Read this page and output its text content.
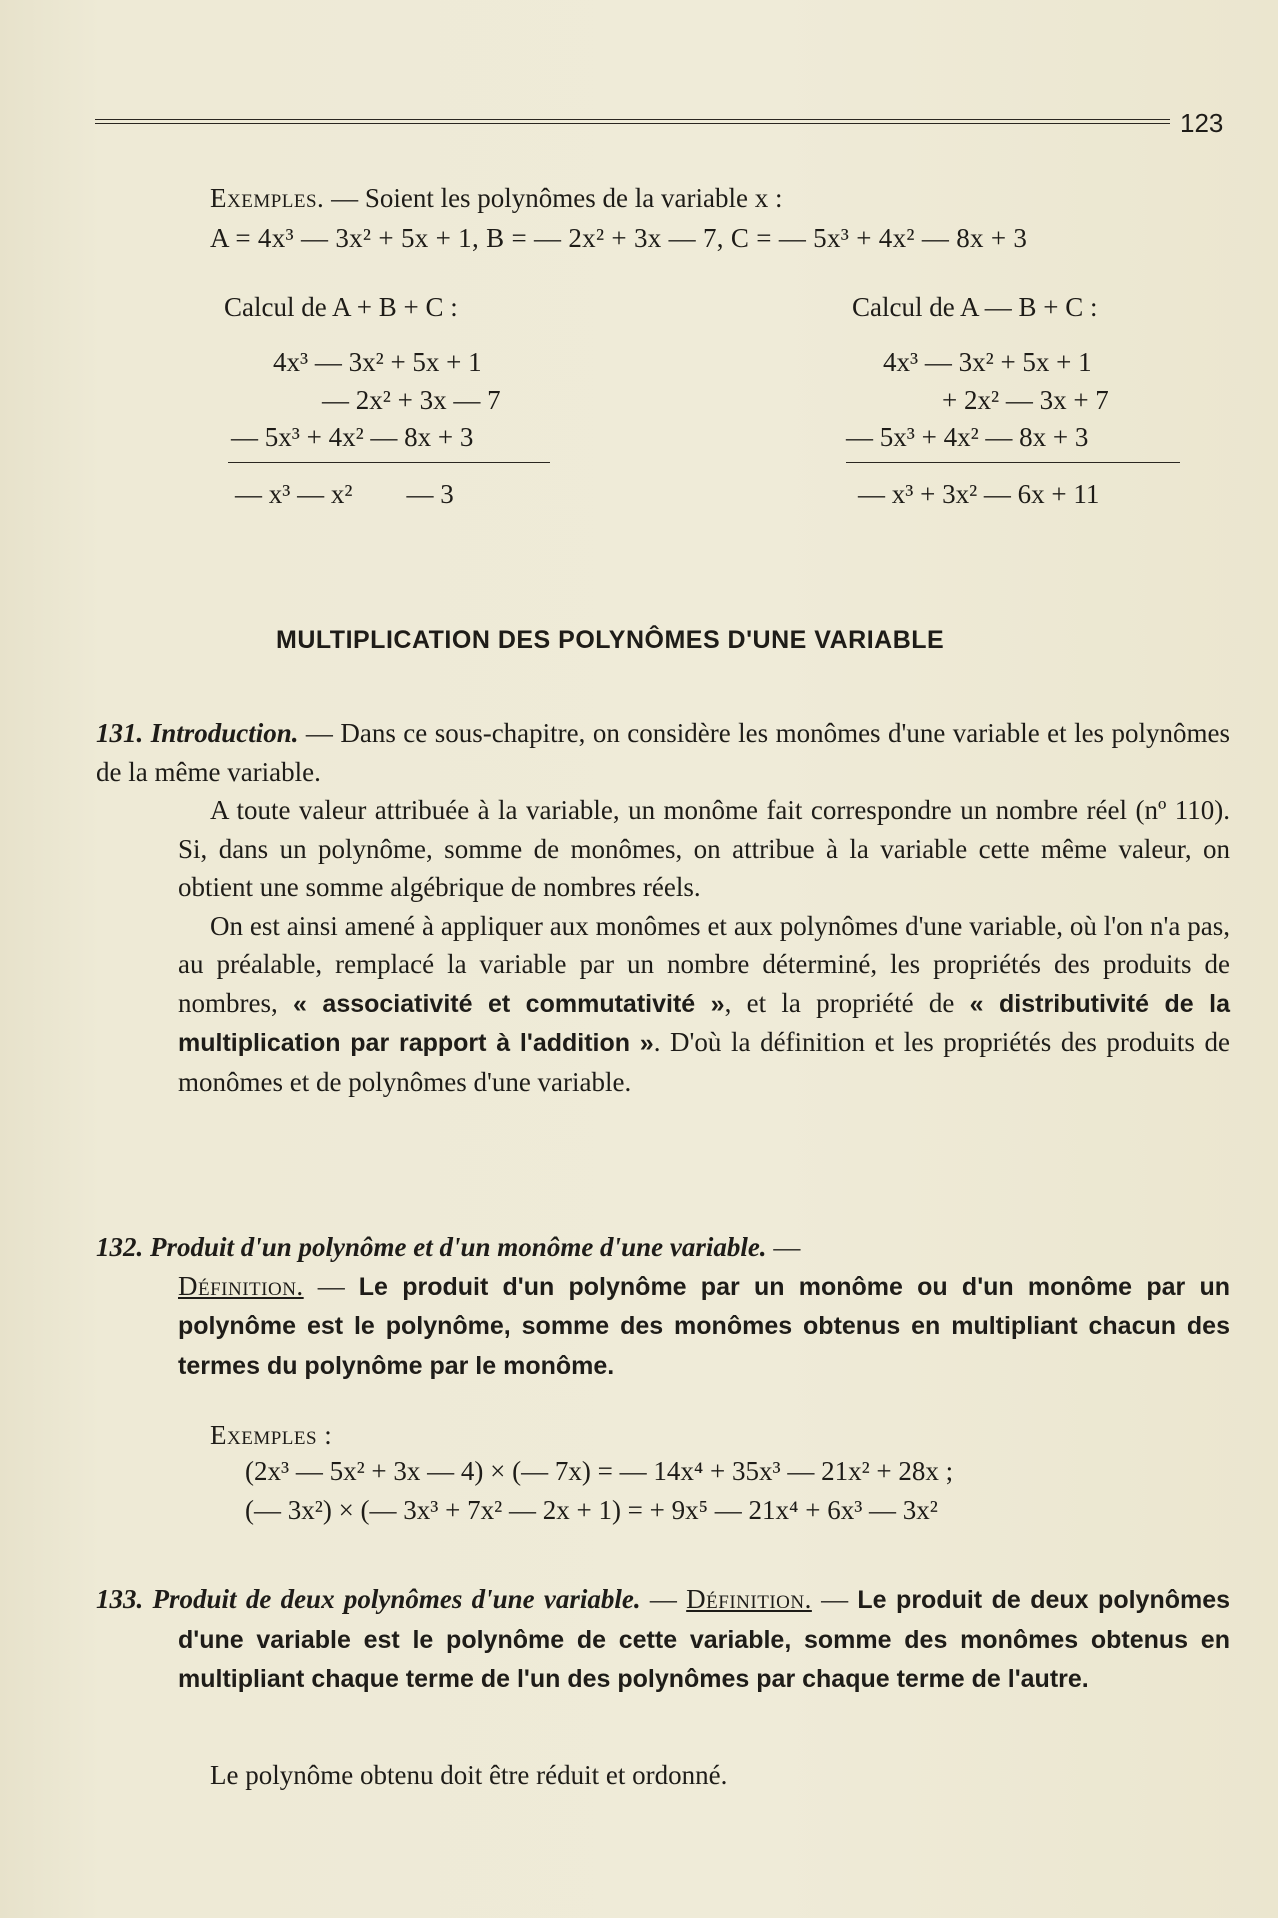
123
Exemples. — Soient les polynômes de la variable x :
A = 4x³ — 3x² + 5x + 1, B = — 2x² + 3x — 7, C = — 5x³ + 4x² — 8x + 3
Calcul de A + B + C :
4x³ — 3x² + 5x + 1
— 2x² + 3x — 7
— 5x³ + 4x² — 8x + 3
— x³ — x²        — 3
Calcul de A — B + C :
4x³ — 3x² + 5x + 1
+ 2x² — 3x + 7
— 5x³ + 4x² — 8x + 3
— x³ + 3x² — 6x + 11
MULTIPLICATION DES POLYNÔMES D'UNE VARIABLE

131. Introduction. — Dans ce sous-chapitre, on considère les monômes d'une variable et les polynômes de la même variable.

A toute valeur attribuée à la variable, un monôme fait correspondre un nombre réel (nº 110). Si, dans un polynôme, somme de monômes, on attribue à la variable cette même valeur, on obtient une somme algébrique de nombres réels.

On est ainsi amené à appliquer aux monômes et aux polynômes d'une variable, où l'on n'a pas, au préalable, remplacé la variable par un nombre déterminé, les propriétés des produits de nombres, « associativité et commutativité », et la propriété de « distributivité de la multiplication par rapport à l'addition ». D'où la définition et les propriétés des produits de monômes et de polynômes d'une variable.

132. Produit d'un polynôme et d'un monôme d'une variable. —

Définition. — Le produit d'un polynôme par un monôme ou d'un monôme par un polynôme est le polynôme, somme des monômes obtenus en multipliant chacun des termes du polynôme par le monôme.

Exemples :
(2x³ — 5x² + 3x — 4) × (— 7x) = — 14x⁴ + 35x³ — 21x² + 28x ;
(— 3x²) × (— 3x³ + 7x² — 2x + 1) = + 9x⁵ — 21x⁴ + 6x³ — 3x²

133. Produit de deux polynômes d'une variable. — Définition. — Le produit de deux polynômes d'une variable est le polynôme de cette variable, somme des monômes obtenus en multipliant chaque terme de l'un des polynômes par chaque terme de l'autre.

Le polynôme obtenu doit être réduit et ordonné.
